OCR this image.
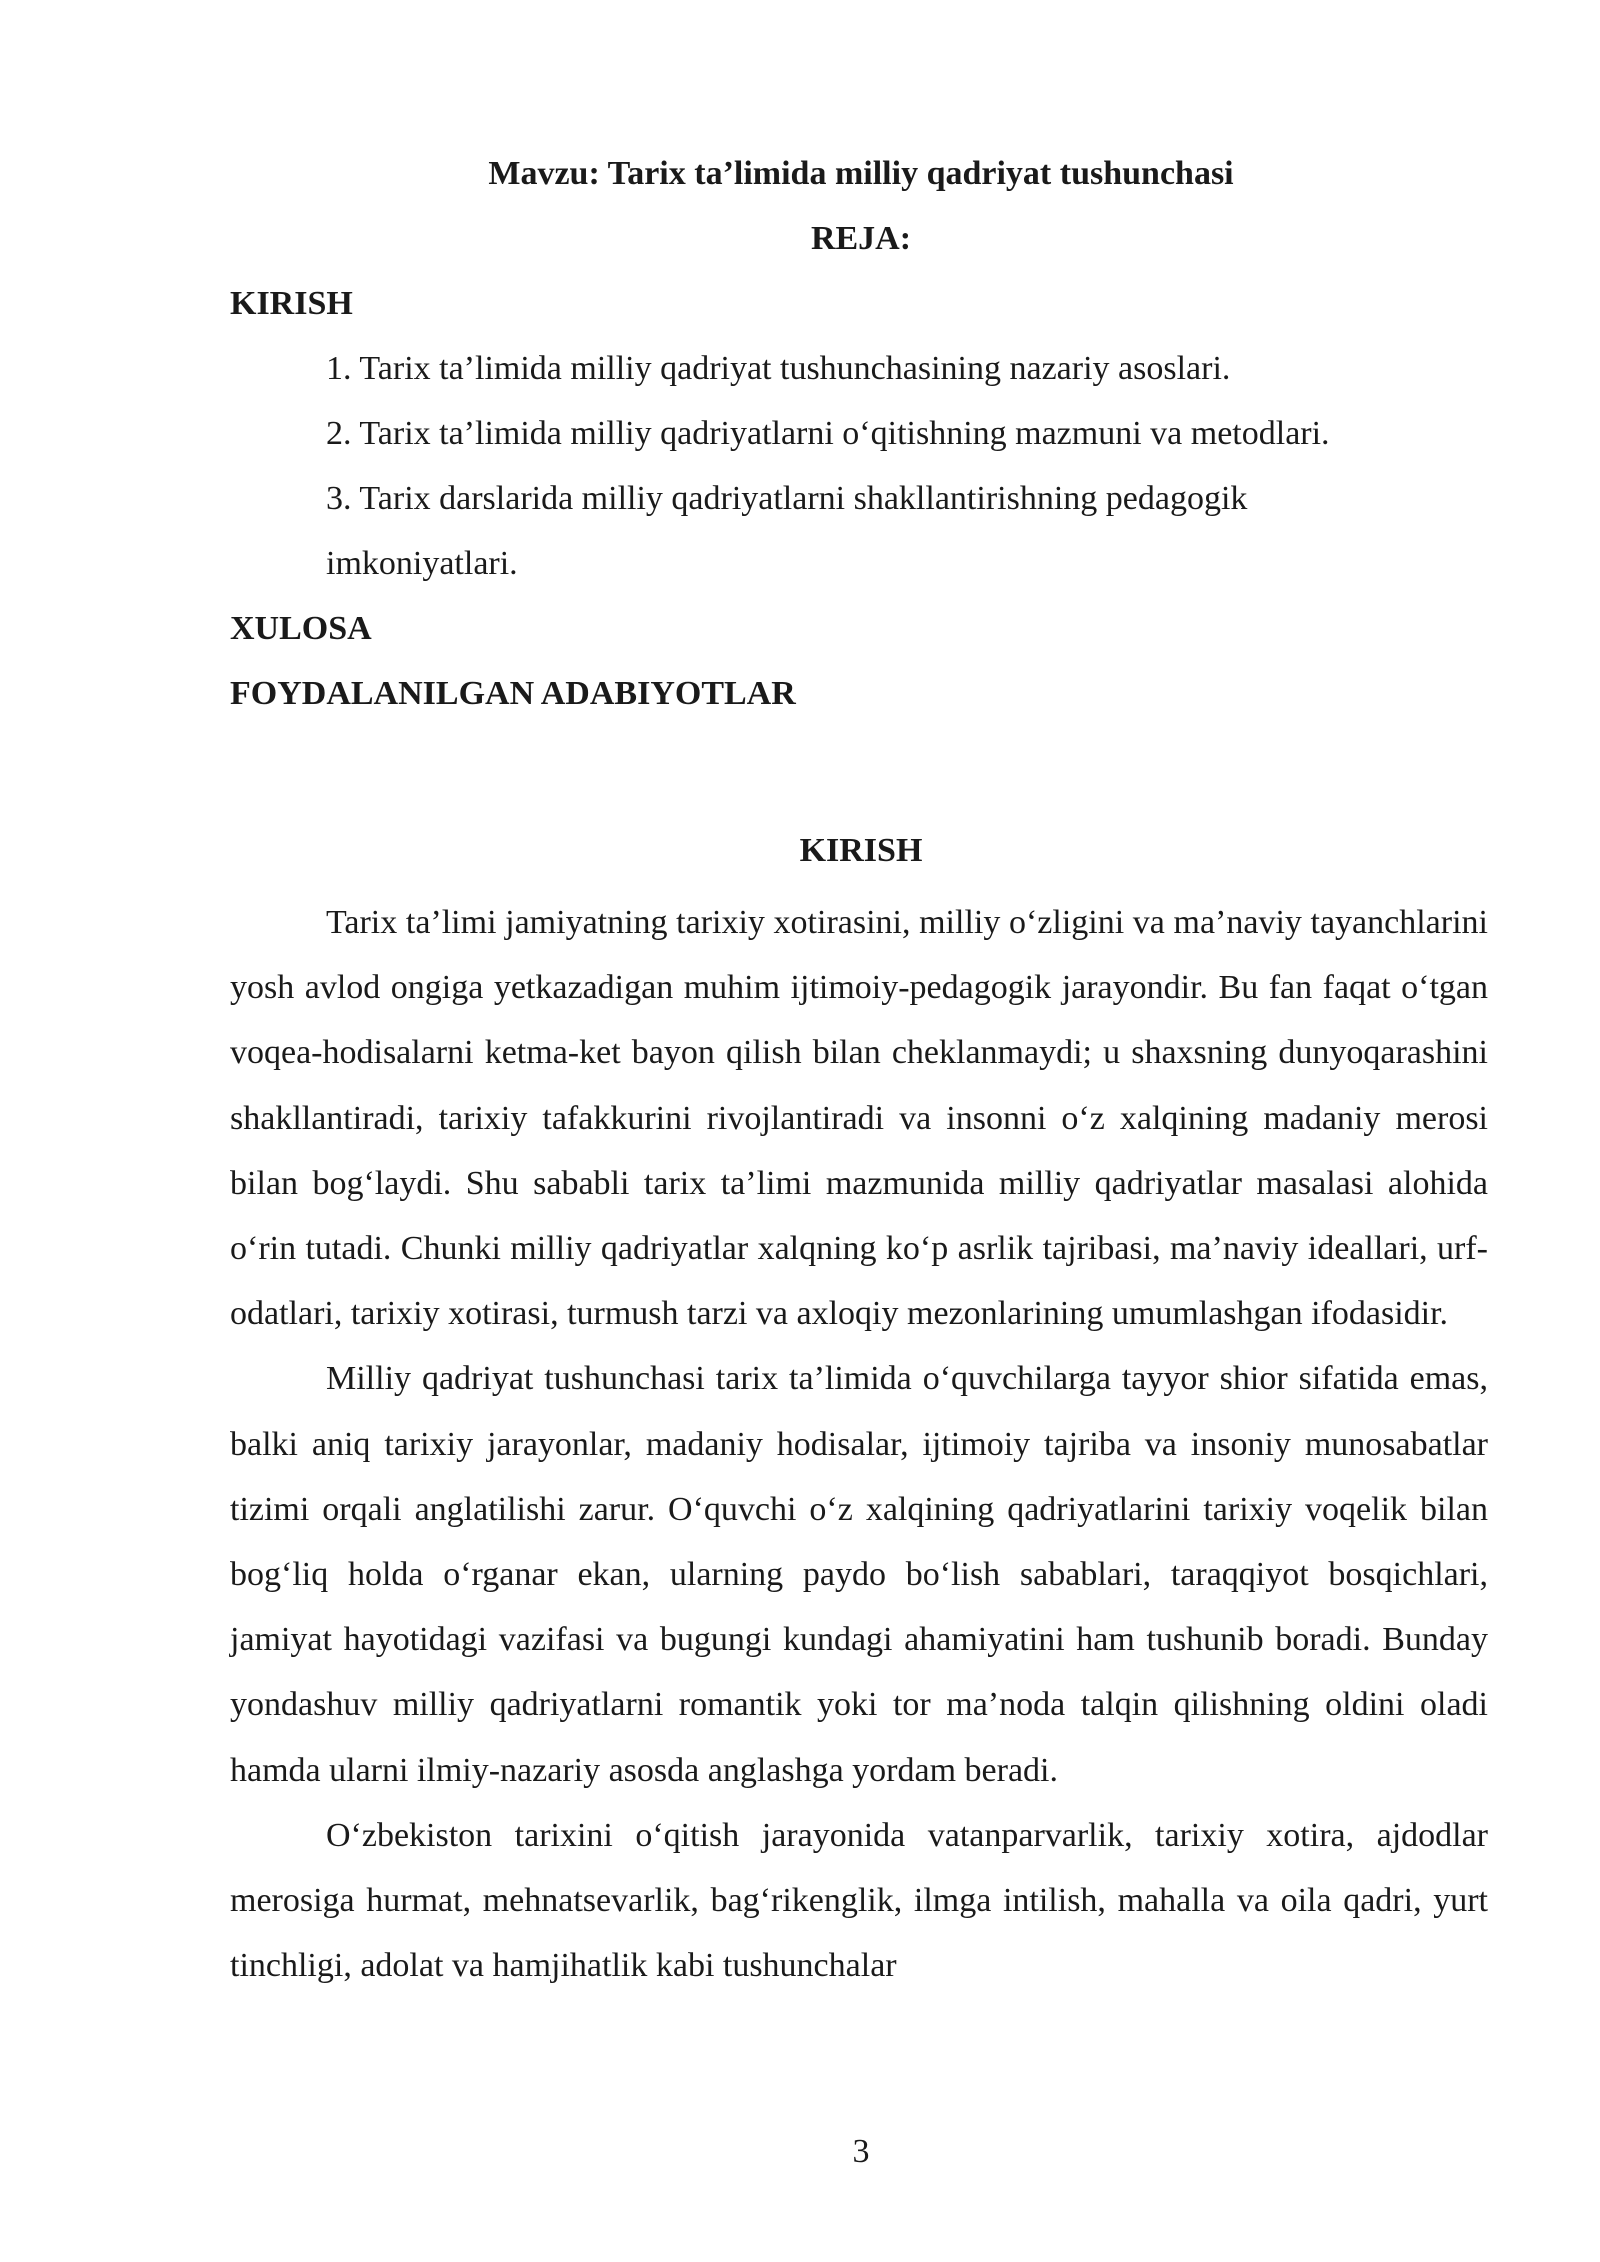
Mavzu: Tarix ta’limida milliy qadriyat tushunchasi
REJA:
KIRISH
1. Tarix ta’limida milliy qadriyat tushunchasining nazariy asoslari.
2. Tarix ta’limida milliy qadriyatlarni o‘qitishning mazmuni va metodlari.
3. Tarix darslarida milliy qadriyatlarni shakllantirishning pedagogik
imkoniyatlari.
XULOSA
FOYDALANILGAN ADABIYOTLAR
KIRISH

Tarix ta’limi jamiyatning tarixiy xotirasini, milliy o‘zligini va ma’naviy tayanchlarini yosh avlod ongiga yetkazadigan muhim ijtimoiy-pedagogik jarayondir. Bu fan faqat o‘tgan voqea-hodisalarni ketma-ket bayon qilish bilan cheklanmaydi; u shaxsning dunyoqarashini shakllantiradi, tarixiy tafakkurini rivojlantiradi va insonni o‘z xalqining madaniy merosi bilan bog‘laydi. Shu sababli tarix ta’limi mazmunida milliy qadriyatlar masalasi alohida o‘rin tutadi. Chunki milliy qadriyatlar xalqning ko‘p asrlik tajribasi, ma’naviy ideallari, urf-odatlari, tarixiy xotirasi, turmush tarzi va axloqiy mezonlarining umumlashgan ifodasidir.

Milliy qadriyat tushunchasi tarix ta’limida o‘quvchilarga tayyor shior sifatida emas, balki aniq tarixiy jarayonlar, madaniy hodisalar, ijtimoiy tajriba va insoniy munosabatlar tizimi orqali anglatilishi zarur. O‘quvchi o‘z xalqining qadriyatlarini tarixiy voqelik bilan bog‘liq holda o‘rganar ekan, ularning paydo bo‘lish sabablari, taraqqiyot bosqichlari, jamiyat hayotidagi vazifasi va bugungi kundagi ahamiyatini ham tushunib boradi. Bunday yondashuv milliy qadriyatlarni romantik yoki tor ma’noda talqin qilishning oldini oladi hamda ularni ilmiy-nazariy asosda anglashga yordam beradi.

O‘zbekiston tarixini o‘qitish jarayonida vatanparvarlik, tarixiy xotira, ajdodlar merosiga hurmat, mehnatsevarlik, bag‘rikenglik, ilmga intilish, mahalla va oila qadri, yurt tinchligi, adolat va hamjihatlik kabi tushunchalar

3
